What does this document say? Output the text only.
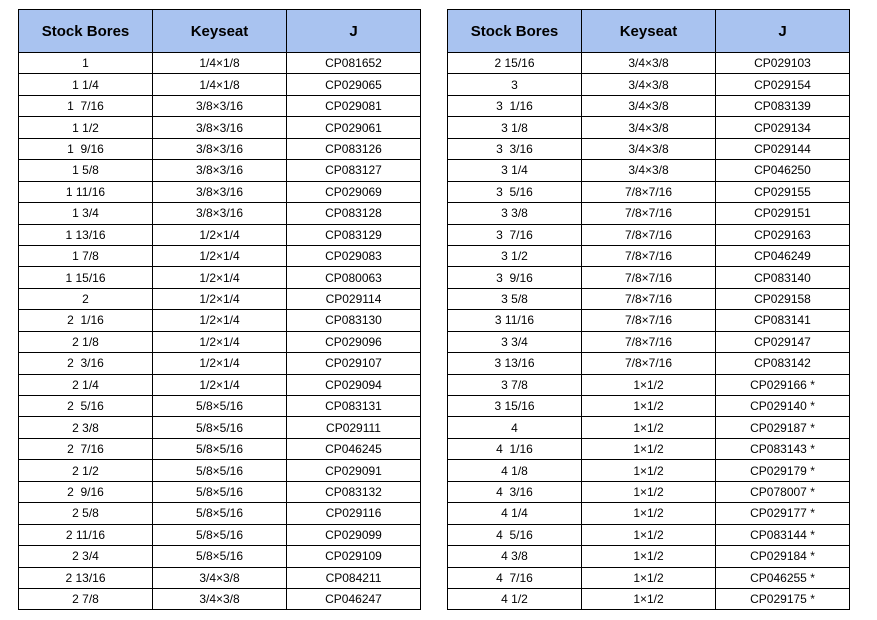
Stock Bores	Keyseat	J
1	1/4×1/8	CP081652
1 1/4	1/4×1/8	CP029065
1  7/16	3/8×3/16	CP029081
1 1/2	3/8×3/16	CP029061
1  9/16	3/8×3/16	CP083126
1 5/8	3/8×3/16	CP083127
1 11/16	3/8×3/16	CP029069
1 3/4	3/8×3/16	CP083128
1 13/16	1/2×1/4	CP083129
1 7/8	1/2×1/4	CP029083
1 15/16	1/2×1/4	CP080063
2	1/2×1/4	CP029114
2  1/16	1/2×1/4	CP083130
2 1/8	1/2×1/4	CP029096
2  3/16	1/2×1/4	CP029107
2 1/4	1/2×1/4	CP029094
2  5/16	5/8×5/16	CP083131
2 3/8	5/8×5/16	CP029111
2  7/16	5/8×5/16	CP046245
2 1/2	5/8×5/16	CP029091
2  9/16	5/8×5/16	CP083132
2 5/8	5/8×5/16	CP029116
2 11/16	5/8×5/16	CP029099
2 3/4	5/8×5/16	CP029109
2 13/16	3/4×3/8	CP084211
2 7/8	3/4×3/8	CP046247
Stock Bores	Keyseat	J
2 15/16	3/4×3/8	CP029103
3	3/4×3/8	CP029154
3  1/16	3/4×3/8	CP083139
3 1/8	3/4×3/8	CP029134
3  3/16	3/4×3/8	CP029144
3 1/4	3/4×3/8	CP046250
3  5/16	7/8×7/16	CP029155
3 3/8	7/8×7/16	CP029151
3  7/16	7/8×7/16	CP029163
3 1/2	7/8×7/16	CP046249
3  9/16	7/8×7/16	CP083140
3 5/8	7/8×7/16	CP029158
3 11/16	7/8×7/16	CP083141
3 3/4	7/8×7/16	CP029147
3 13/16	7/8×7/16	CP083142
3 7/8	1×1/2	CP029166 *
3 15/16	1×1/2	CP029140 *
4	1×1/2	CP029187 *
4  1/16	1×1/2	CP083143 *
4 1/8	1×1/2	CP029179 *
4  3/16	1×1/2	CP078007 *
4 1/4	1×1/2	CP029177 *
4  5/16	1×1/2	CP083144 *
4 3/8	1×1/2	CP029184 *
4  7/16	1×1/2	CP046255 *
4 1/2	1×1/2	CP029175 *
